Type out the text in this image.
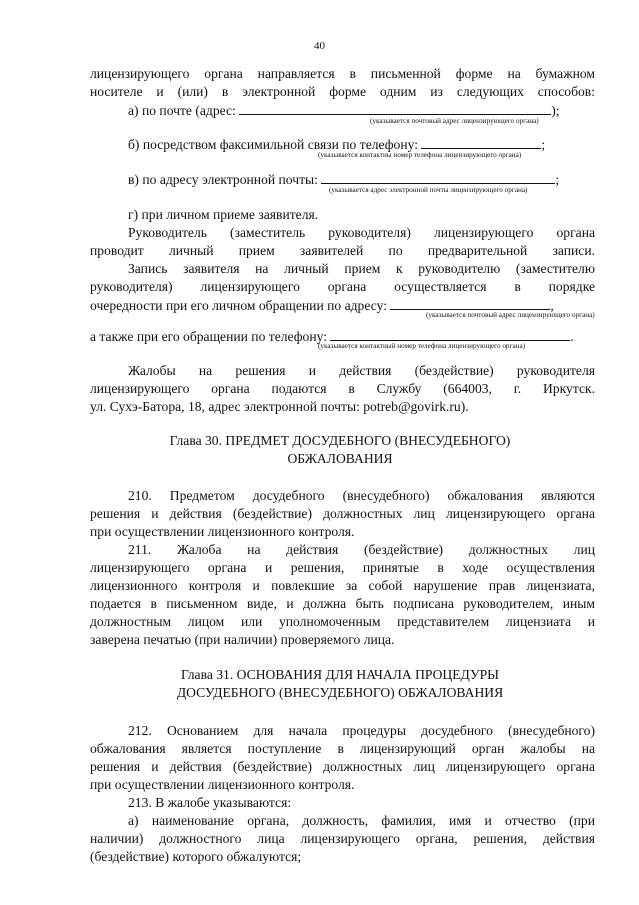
40
лицензирующего органа направляется в письменной форме на бумажном
носителе и (или) в электронной форме одним из следующих способов:
а) по почте (адрес:	);
(указывается почтовый адрес лицензирующего органа)
б) посредством факсимильной связи по телефону:	;
(указывается контактны номер телефона лицензирующего органа)
в) по адресу электронной почты:	;
(указывается адрес электронной почты лицензирующего органа)
г) при личном приеме заявителя.
Руководитель (заместитель руководителя) лицензирующего органа
проводит личный прием заявителей по предварительной записи.
Запись заявителя на личный прием к руководителю (заместителю
руководителя) лицензирующего органа осуществляется в порядке
очередности при его личном обращении по адресу:	,
(указывается почтовый адрес лицензирующего органа)
а также при его обращении по телефону:	.
(указывается контактный номер телефона лицензирующего органа)
Жалобы на решения и действия (бездействие) руководителя
лицензирующего органа подаются в Службу (664003, г. Иркутск.
ул. Сухэ-Батора, 18, адрес электронной почты: potreb@govirk.ru).
Глава 30. ПРЕДМЕТ ДОСУДЕБНОГО (ВНЕСУДЕБНОГО)
ОБЖАЛОВАНИЯ
210. Предметом досудебного (внесудебного) обжалования являются
решения и действия (бездействие) должностных лиц лицензирующего органа
при осуществлении лицензионного контроля.
211. Жалоба на действия (бездействие) должностных лиц
лицензирующего органа и решения, принятые в ходе осуществления
лицензионного контроля и повлекшие за собой нарушение прав лицензиата,
подается в письменном виде, и должна быть подписана руководителем, иным
должностным лицом или уполномоченным представителем лицензиата и
заверена печатью (при наличии) проверяемого лица.
Глава 31. ОСНОВАНИЯ ДЛЯ НАЧАЛА ПРОЦЕДУРЫ
ДОСУДЕБНОГО (ВНЕСУДЕБНОГО) ОБЖАЛОВАНИЯ
212. Основанием для начала процедуры досудебного (внесудебного)
обжалования является поступление в лицензирующий орган жалобы на
решения и действия (бездействие) должностных лиц лицензирующего органа
при осуществлении лицензионного контроля.
213. В жалобе указываются:
а) наименование органа, должность, фамилия, имя и отчество (при
наличии) должностного лица лицензирующего органа, решения, действия
(бездействие) которого обжалуются;
